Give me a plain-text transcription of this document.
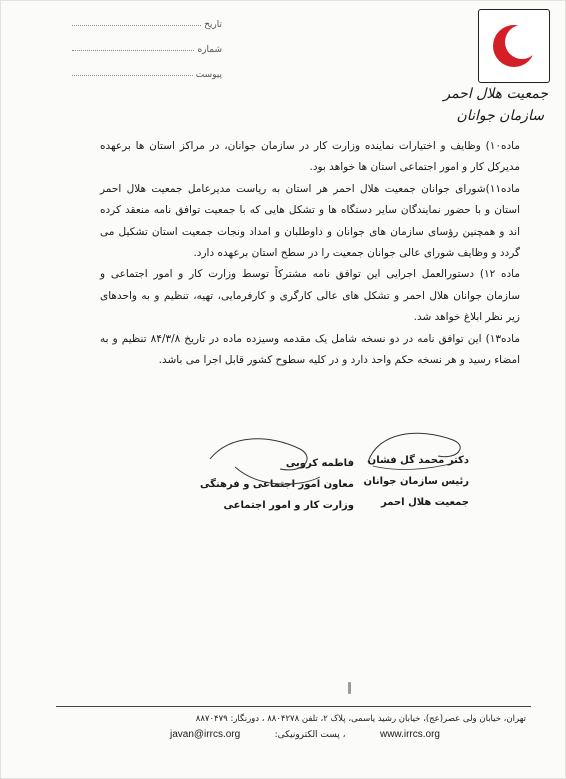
تاریخ
شماره
پیوست
جمعیت هلال احمر
سازمان جوانان

ماده۱۰) وظایف و اختیارات نماینده وزارت کار در سازمان جوانان، در مراکز استان ها برعهده مدیرکل کار و امور اجتماعی استان ها خواهد بود.

ماده۱۱)شورای جوانان جمعیت هلال احمر هر استان به ریاست مدیرعامل جمعیت هلال احمر استان و با حضور نمایندگان سایر دستگاه ها و تشکل هایی که با جمعیت توافق نامه منعقد کرده اند و همچنین رؤسای سازمان های جوانان و داوطلبان و امداد ونجات جمعیت استان تشکیل می گردد و وظایف شورای عالی جوانان جمعیت را در سطح استان برعهده دارد.

ماده ۱۲) دستورالعمل اجرایی این توافق نامه مشترکاً توسط وزارت کار و امور اجتماعی و سازمان جوانان هلال احمر و تشکل های عالی کارگری و کارفرمایی، تهیه، تنظیم و به واحدهای زیر نظر ابلاغ خواهد شد.

ماده۱۳) این توافق نامه در دو نسخه شامل یک مقدمه وسیزده ماده در تاریخ ۸۴/۳/۸ تنظیم و به امضاء رسید و هر نسخه حکم واحد دارد و در کلیه سطوح کشور قابل اجرا می باشد.

دکتر محمد گل فشان
رئیس سازمان جوانان
جمعیت هلال احمر
فاطمه کروبی
معاون امور اجتماعی و فرهنگی
وزارت کار و امور اجتماعی
تهران، خیابان ولی عصر(عج)، خیابان رشید یاسمی، پلاک ۲، تلفن ۸۸۰۴۲۷۸ ، دورنگار: ۸۸۷۰۴۷۹
javan@irrcs.org	، پست الکترونیکی:	www.irrcs.org
